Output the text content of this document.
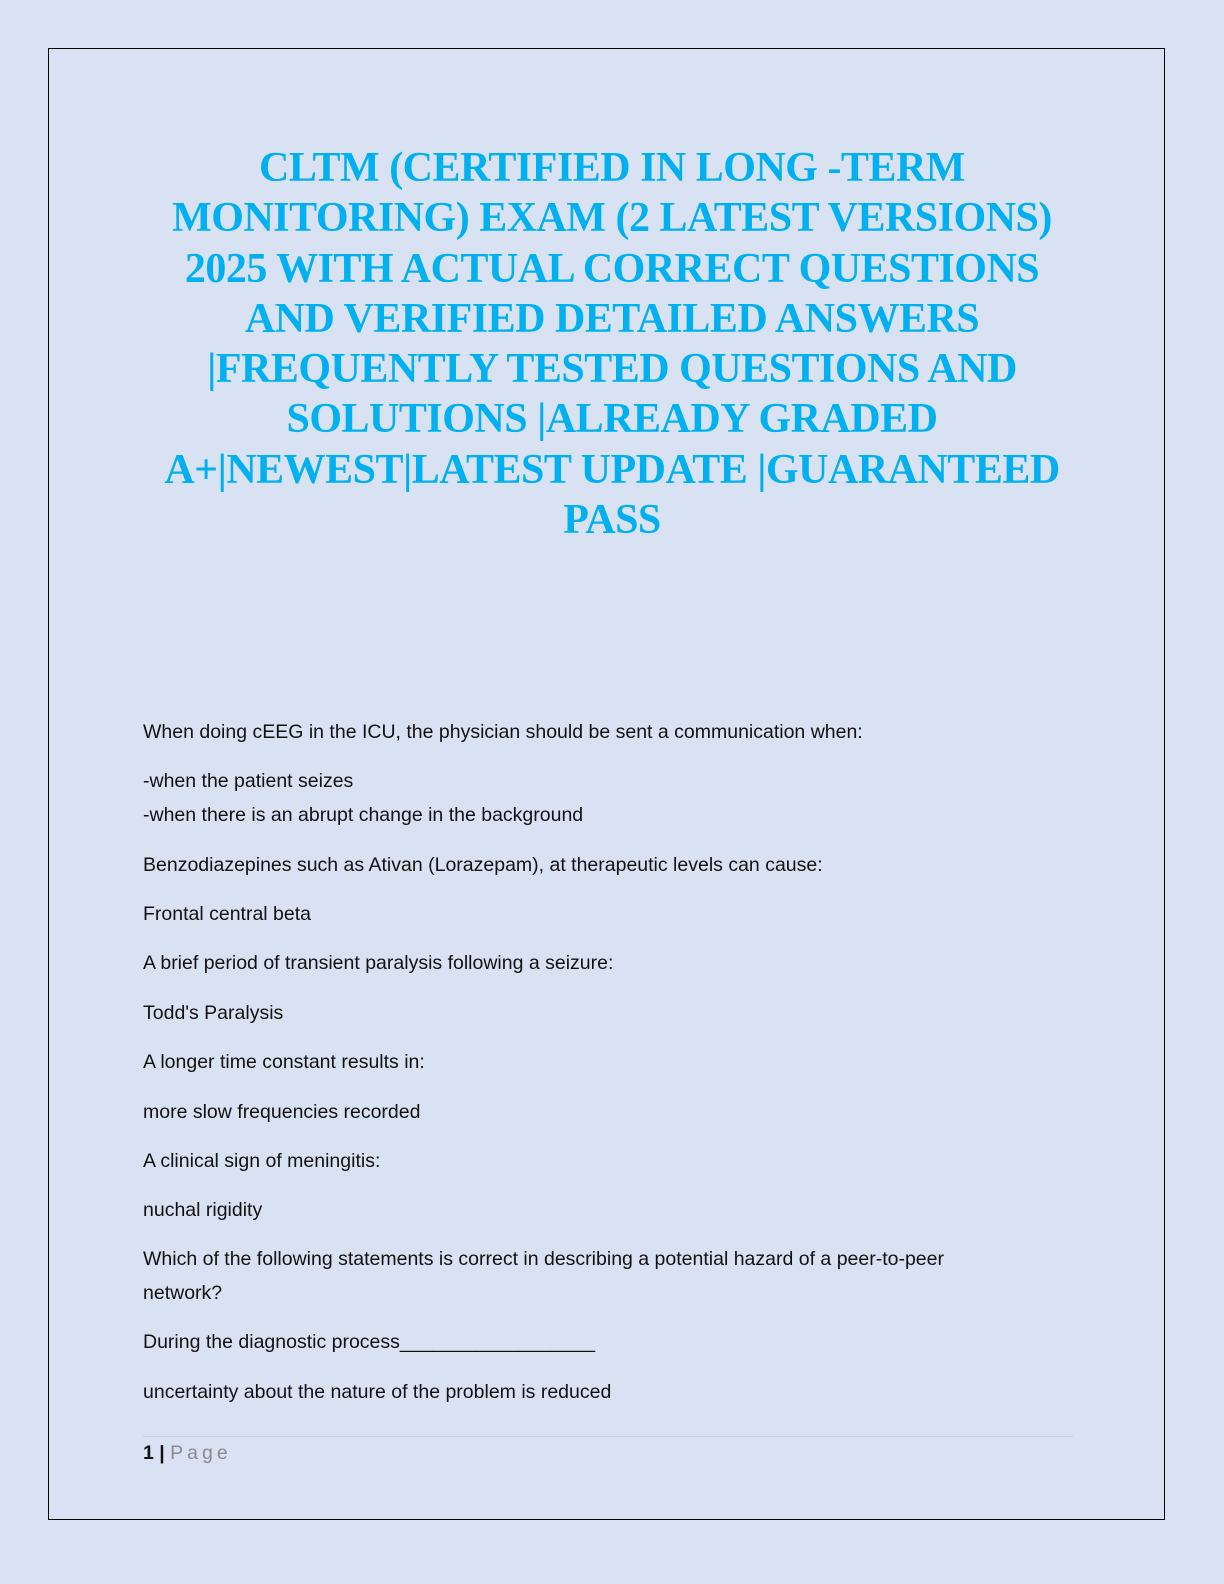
CLTM (CERTIFIED IN LONG -TERM
MONITORING) EXAM (2 LATEST VERSIONS)
2025 WITH ACTUAL CORRECT QUESTIONS
AND VERIFIED DETAILED ANSWERS
|FREQUENTLY TESTED QUESTIONS AND
SOLUTIONS |ALREADY GRADED
A+|NEWEST|LATEST UPDATE |GUARANTEED
PASS
When doing cEEG in the ICU, the physician should be sent a communication when:
-when the patient seizes
-when there is an abrupt change in the background
Benzodiazepines such as Ativan (Lorazepam), at therapeutic levels can cause:
Frontal central beta
A brief period of transient paralysis following a seizure:
Todd's Paralysis
A longer time constant results in:
more slow frequencies recorded
A clinical sign of meningitis:
nuchal rigidity
Which of the following statements is correct in describing a potential hazard of a peer-to-peer
network?
During the diagnostic process__________________
uncertainty about the nature of the problem is reduced
1 | Page
